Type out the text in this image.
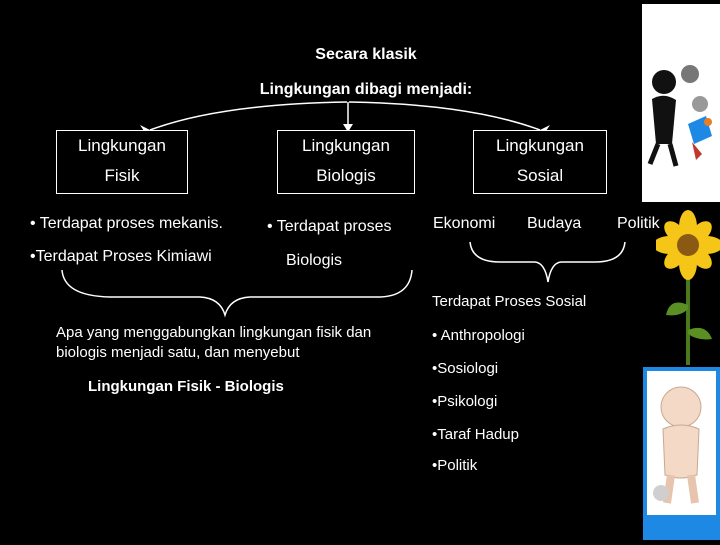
Secara klasik
Lingkungan dibagi menjadi:
Lingkungan
Fisik
Lingkungan
Biologis
Lingkungan
Sosial
• Terdapat proses mekanis.
•Terdapat Proses Kimiawi
• Terdapat proses
Biologis
Ekonomi Budaya Politik
Apa yang menggabungkan lingkungan fisik dan biologis menjadi satu, dan menyebut
Lingkungan Fisik - Biologis
Terdapat Proses Sosial
• Anthropologi
•Sosiologi
•Psikologi
•Taraf Hadup
•Politik
